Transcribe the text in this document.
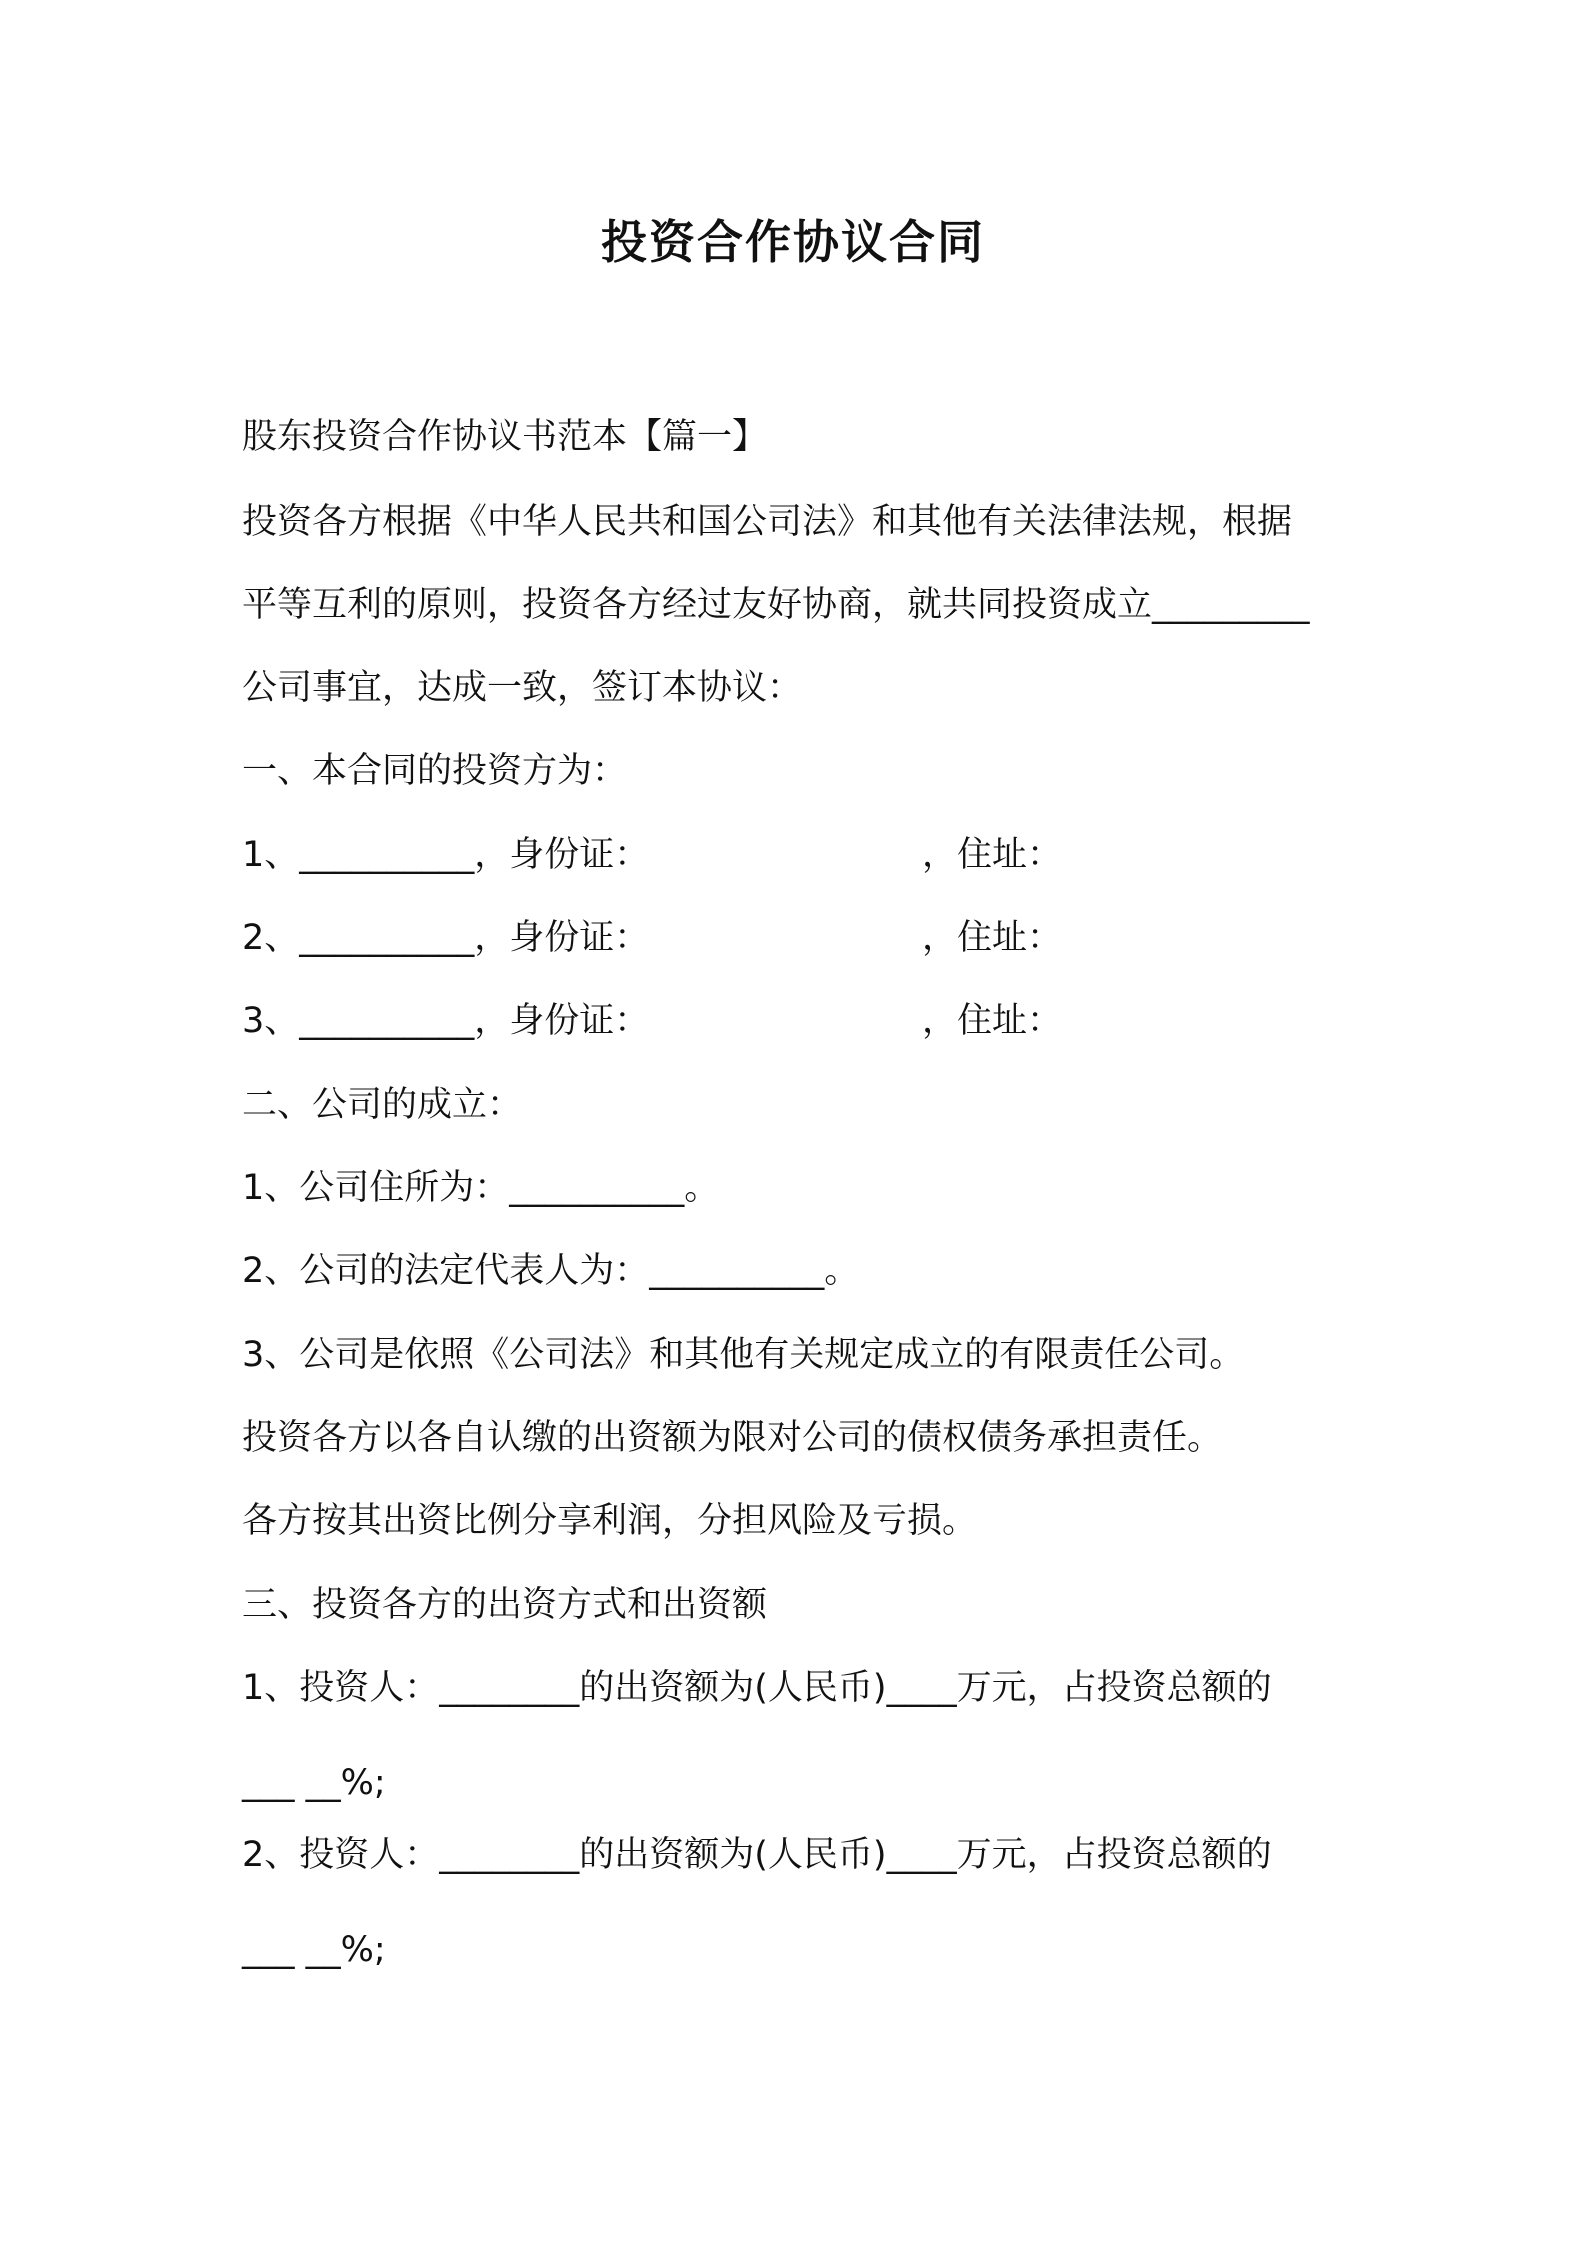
投资合作协议合同
股东投资合作协议书范本【篇一】
投资各方根据《中华人民共和国公司法》和其他有关法律法规，根据
平等互利的原则，投资各方经过友好协商，就共同投资成立_________
公司事宜，达成一致，签订本协议：
一、本合同的投资方为：

1、__________，身份证：

	，住址：

2、__________，身份证：

	，住址：

3、__________，身份证：

	，住址：

二、公司的成立：
1、公司住所为：__________。
2、公司的法定代表人为：__________。
3、公司是依照《公司法》和其他有关规定成立的有限责任公司。
投资各方以各自认缴的出资额为限对公司的债权债务承担责任。
各方按其出资比例分享利润，分担风险及亏损。
三、投资各方的出资方式和出资额
1、投资人：________的出资额为(人民币)____万元，占投资总额的
___ __%;
2、投资人：________的出资额为(人民币)____万元，占投资总额的
___ __%;
